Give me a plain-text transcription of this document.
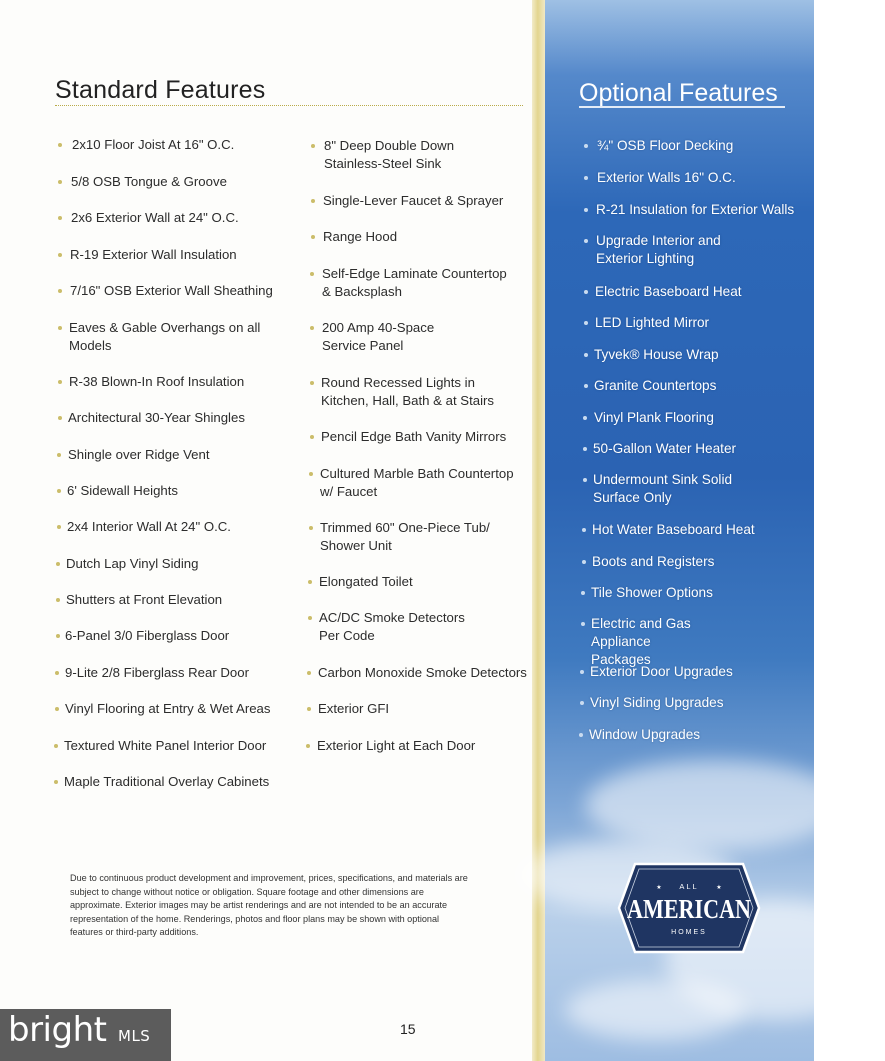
Standard Features
2x10 Floor Joist At 16" O.C.
5/8 OSB Tongue & Groove
2x6 Exterior Wall at 24" O.C.
R-19 Exterior Wall Insulation
7/16" OSB Exterior Wall Sheathing
Eaves & Gable Overhangs on all Models
R-38 Blown-In Roof Insulation
Architectural 30-Year Shingles
Shingle over Ridge Vent
6' Sidewall Heights
2x4 Interior Wall At 24" O.C.
Dutch Lap Vinyl Siding
Shutters at Front Elevation
6-Panel 3/0 Fiberglass Door
9-Lite 2/8 Fiberglass Rear Door
Vinyl Flooring at Entry & Wet Areas
Textured White Panel Interior Door
Maple Traditional Overlay Cabinets
8" Deep Double Down Stainless-Steel Sink
Single-Lever Faucet & Sprayer
Range Hood
Self-Edge Laminate Countertop & Backsplash
200 Amp 40-Space Service Panel
Round Recessed Lights in Kitchen, Hall, Bath & at Stairs
Pencil Edge Bath Vanity Mirrors
Cultured Marble Bath Countertop w/ Faucet
Trimmed 60" One-Piece Tub/ Shower Unit
Elongated Toilet
AC/DC Smoke Detectors Per Code
Carbon Monoxide Smoke Detectors
Exterior GFI
Exterior Light at Each Door
Optional Features
¾" OSB Floor Decking
Exterior Walls 16" O.C.
R-21 Insulation for Exterior Walls
Upgrade Interior and Exterior Lighting
Electric Baseboard Heat
LED Lighted Mirror
Tyvek® House Wrap
Granite Countertops
Vinyl Plank Flooring
50-Gallon Water Heater
Undermount Sink Solid Surface Only
Hot Water Baseboard Heat
Boots and Registers
Tile Shower Options
Electric and Gas Appliance Packages
Exterior Door Upgrades
Vinyl Siding Upgrades
Window Upgrades

Due to continuous product development and improvement, prices, specifications, and materials are subject to change without notice or obligation. Square footage and other dimensions are approximate. Exterior images may be artist renderings and are not intended to be an accurate representation of the home. Renderings, photos and floor plans may be shown with optional features or third-party additions.

ALL
AMERICAN
HOMES
★	★
15
bright MLS
